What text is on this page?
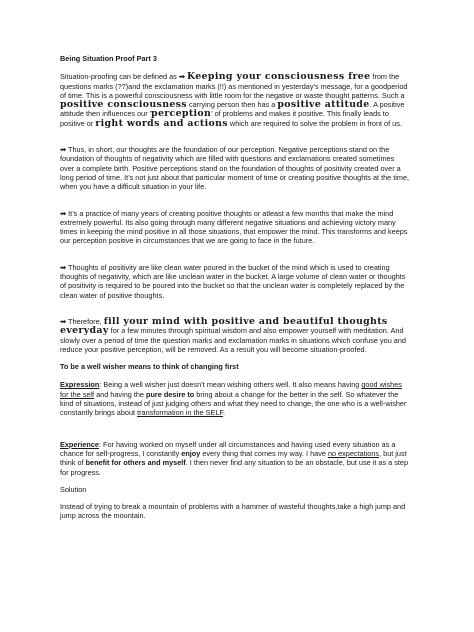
Being Situation Proof Part 3

Situation-proofing can be defined as ➡ Keeping your consciousness free from the questions marks (??)and the exclamation marks (!!) as mentioned in yesterday’s message, for a goodperiod of time. This is a powerful consciousness with little room for the negative or waste thought patterns. Such a positive consciousness carrying person then has a positive attitude. A positive attitude then influences our 'perception' of problems and makes it positive. This finally leads to positive or right words and actions which are required to solve the problem in front of us.

➡ Thus, in short, our thoughts are the foundation of our perception. Negative perceptions stand on the foundation of thoughts of negativity which are filled with questions and exclamations created sometimes over a complete birth. Positive perceptions stand on the foundation of thoughts of positivity created over a long period of time. It’s not just about that particular moment of time or creating positive thoughts at the time, when you have a difficult situation in your life.

➡ It’s a practice of many years of creating positive thoughts or atleast a few months that make the mind extremely powerful. Its also going through many different negative situations and achieving victory many times in keeping the mind positive in all those situations, that empower the mind. This transforms and keeps our perception positive in circumstances that we are going to face in the future.

➡ Thoughts of positivity are like clean water poured in the bucket of the mind which is used to creating thoughts of negativity, which are like unclean water in the bucket. A large volume of clean water or thoughts of positivity is required to be poured into the bucket so that the unclean water is completely replaced by the clean water of positive thoughts.

➡ Therefore, fill your mind with positive and beautiful thoughts everyday for a few minutes through spiritual wisdom and also empower yourself with meditation. And slowly over a period of time the question marks and exclamation marks in situations which confuse you and reduce your positive perception, will be removed. As a result you will become situation-proofed.

To be a well wisher means to think of changing first

Expression: Being a well wisher just doesn’t mean wishing others well. It also means having good wishes for the self and having the pure desire to bring about a change for the better in the self. So whatever the kind of situations, instead of just judging others and what they need to change, the one who is a well-wisher constantly brings about transformation in the SELF.

Experience: For having worked on myself under all circumstances and having used every situation as a chance for self-progress, I constantly enjoy every thing that comes my way. I have no expectations, but just think of benefit for others and myself. I then never find any situation to be an obstacle, but use it as a step for progress.

Solution

Instead of trying to break a mountain of problems with a hammer of wasteful thoughts,take a high jump and jump across the mountain.
